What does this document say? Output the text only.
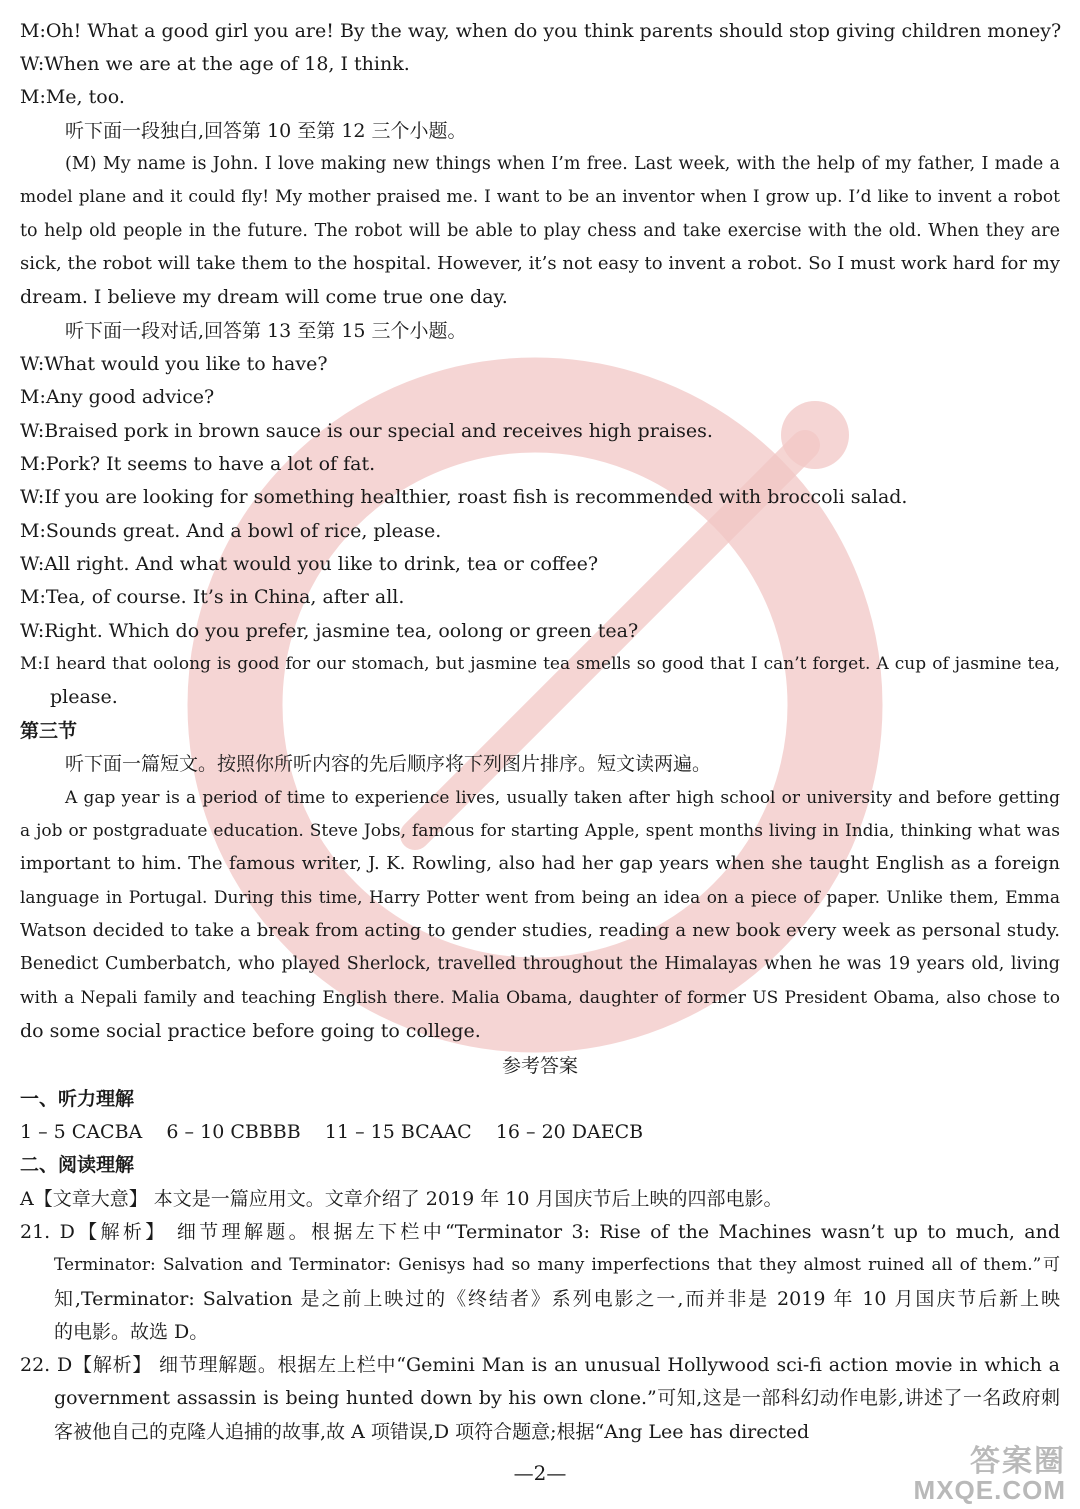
M:Oh! What a good girl you are! By the way, when do you think parents should stop giving children money?
W:When we are at the age of 18, I think.
M:Me, too.
听下面一段独白,回答第 10 至第 12 三个小题。
(M) My name is John. I love making new things when I’m free. Last week, with the help of my father, I made a
model plane and it could fly! My mother praised me. I want to be an inventor when I grow up. I’d like to invent a robot
to help old people in the future. The robot will be able to play chess and take exercise with the old. When they are
sick, the robot will take them to the hospital. However, it’s not easy to invent a robot. So I must work hard for my
dream. I believe my dream will come true one day.
听下面一段对话,回答第 13 至第 15 三个小题。
W:What would you like to have?
M:Any good advice?
W:Braised pork in brown sauce is our special and receives high praises.
M:Pork? It seems to have a lot of fat.
W:If you are looking for something healthier, roast fish is recommended with broccoli salad.
M:Sounds great. And a bowl of rice, please.
W:All right. And what would you like to drink, tea or coffee?
M:Tea, of course. It’s in China, after all.
W:Right. Which do you prefer, jasmine tea, oolong or green tea?
M:I heard that oolong is good for our stomach, but jasmine tea smells so good that I can’t forget. A cup of jasmine tea,
please.
第三节
听下面一篇短文。按照你所听内容的先后顺序将下列图片排序。短文读两遍。
A gap year is a period of time to experience lives, usually taken after high school or university and before getting
a job or postgraduate education. Steve Jobs, famous for starting Apple, spent months living in India, thinking what was
important to him. The famous writer, J. K. Rowling, also had her gap years when she taught English as a foreign
language in Portugal. During this time, Harry Potter went from being an idea on a piece of paper. Unlike them, Emma
Watson decided to take a break from acting to gender studies, reading a new book every week as personal study.
Benedict Cumberbatch, who played Sherlock, travelled throughout the Himalayas when he was 19 years old, living
with a Nepali family and teaching English there. Malia Obama, daughter of former US President Obama, also chose to
do some social practice before going to college.
参考答案
一、听力理解
1 – 5 CACBA    6 – 10 CBBBB    11 – 15 BCAAC    16 – 20 DAECB
二、阅读理解
A【文章大意】 本文是一篇应用文。文章介绍了 2019 年 10 月国庆节后上映的四部电影。
21. D【解析】 细节理解题。根据左下栏中“Terminator 3: Rise of the Machines wasn’t up to much, and
Terminator: Salvation and Terminator: Genisys had so many imperfections that they almost ruined all of them.”可
知,Terminator: Salvation 是之前上映过的《终结者》系列电影之一,而并非是 2019 年 10 月国庆节后新上映
的电影。故选 D。
22. D【解析】 细节理解题。根据左上栏中“Gemini Man is an unusual Hollywood sci-fi action movie in which a
government assassin is being hunted down by his own clone.”可知,这是一部科幻动作电影,讲述了一名政府刺
客被他自己的克隆人追捕的故事,故 A 项错误,D 项符合题意;根据“Ang Lee has directed
—2—	答案圈
MXQE.COM
